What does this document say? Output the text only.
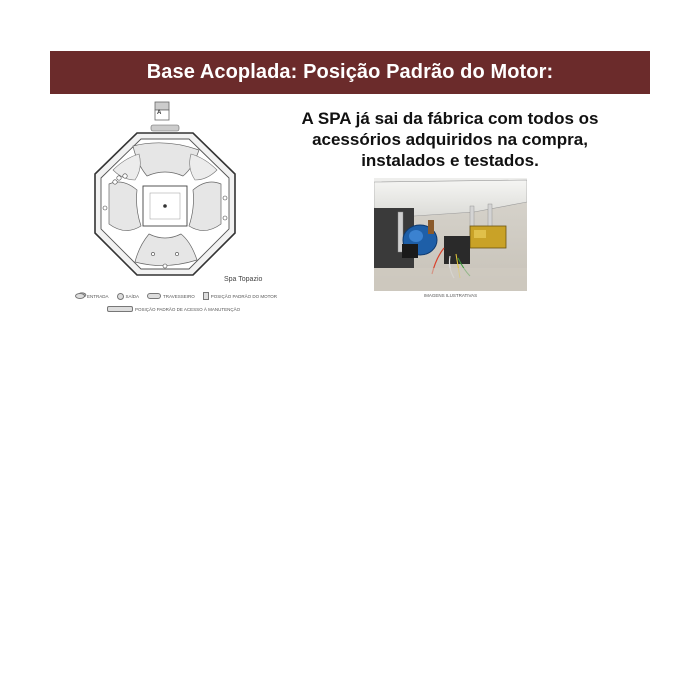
Base Acoplada: Posição Padrão do Motor:
A
Spa Topazio
ENTRADA	SAÍDA	TRAVESSEIRO	POSIÇÃO PADRÃO DO MOTOR
POSIÇÃO PADRÃO DE ACESSO À MANUTENÇÃO
A SPA já sai da fábrica com todos os
acessórios adquiridos na compra,
instalados e testados.
IMAGENS ILUSTRATIVAS
